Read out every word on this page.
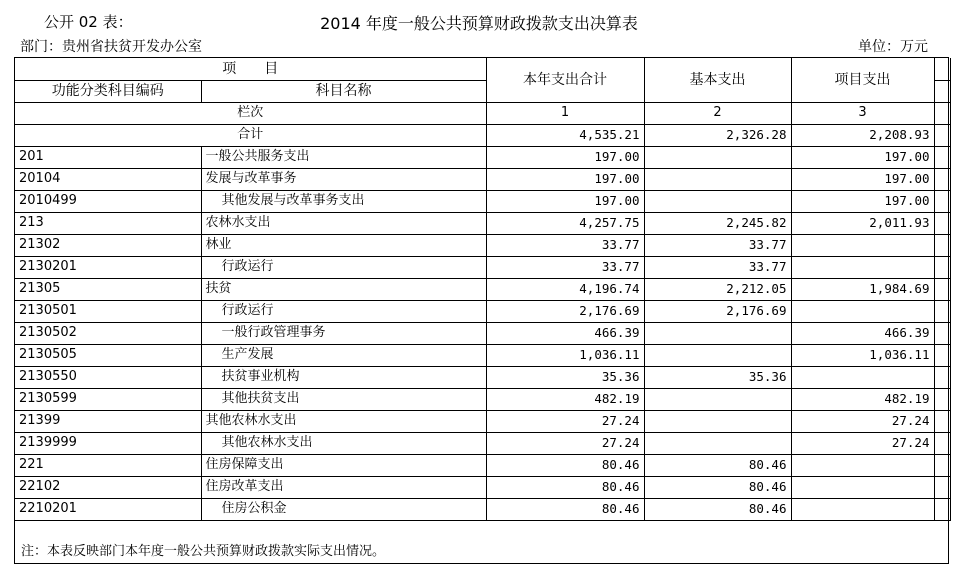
公开 02 表：	2014 年度一般公共预算财政拨款支出决算表
部门：贵州省扶贫开发办公室	单位：万元
项　　目		本年支出合计	基本支出	项目支出	
功能分类科目编码	科目名称				
栏次		1	2	3	
合计		4,535.21	2,326.28	2,208.93	
201	一般公共服务支出	197.00		197.00	
20104	发展与改革事务	197.00		197.00	
2010499	其他发展与改革事务支出	197.00		197.00	
213	农林水支出	4,257.75	2,245.82	2,011.93	
21302	林业	33.77	33.77		
2130201	行政运行	33.77	33.77		
21305	扶贫	4,196.74	2,212.05	1,984.69	
2130501	行政运行	2,176.69	2,176.69		
2130502	一般行政管理事务	466.39		466.39	
2130505	生产发展	1,036.11		1,036.11	
2130550	扶贫事业机构	35.36	35.36		
2130599	其他扶贫支出	482.19		482.19	
21399	其他农林水支出	27.24		27.24	
2139999	其他农林水支出	27.24		27.24	
221	住房保障支出	80.46	80.46		
22102	住房改革支出	80.46	80.46		
2210201	住房公积金	80.46	80.46		
注：本表反映部门本年度一般公共预算财政拨款实际支出情况。
